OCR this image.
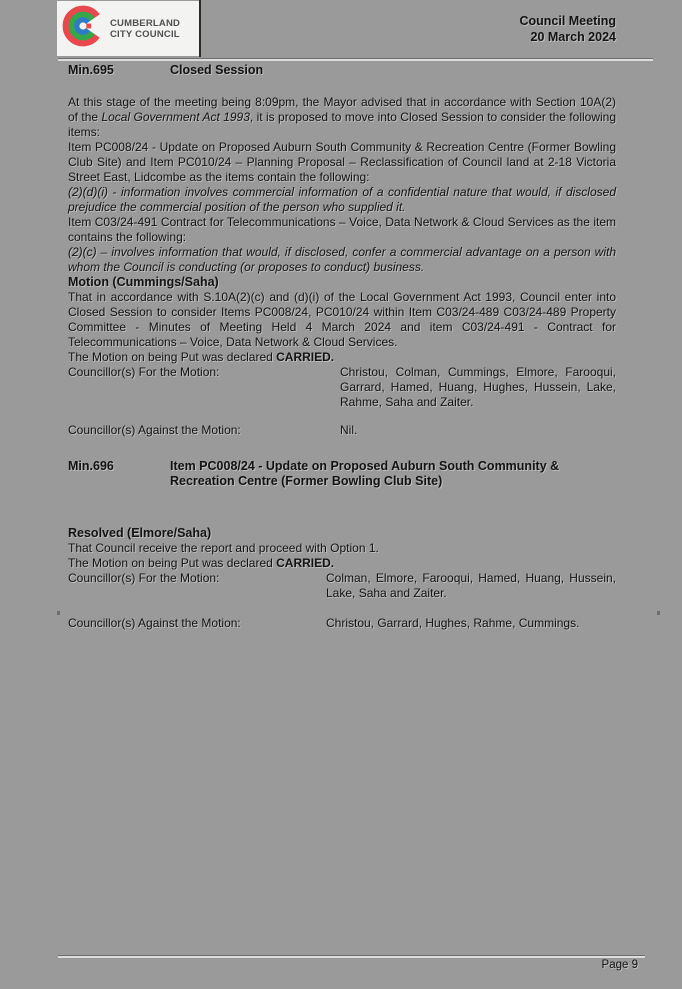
CUMBERLAND
CITY COUNCIL
Council Meeting
20 March 2024
Min.695	Closed Session

At this stage of the meeting being 8:09pm, the Mayor advised that in accordance with Section 10A(2) of the Local Government Act 1993, it is proposed to move into Closed Session to consider the following items:

Item PC008/24 - Update on Proposed Auburn South Community & Recreation Centre (Former Bowling Club Site) and Item PC010/24 – Planning Proposal – Reclassification of Council land at 2-18 Victoria Street East, Lidcombe as the items contain the following:

(2)(d)(i) - information involves commercial information of a confidential nature that would, if disclosed prejudice the commercial position of the person who supplied it.

Item C03/24-491 Contract for Telecommunications – Voice, Data Network & Cloud Services as the item contains the following:

(2)(c) – involves information that would, if disclosed, confer a commercial advantage on a person with whom the Council is conducting (or proposes to conduct) business.

Motion (Cummings/Saha)

That in accordance with S.10A(2)(c) and (d)(i) of the Local Government Act 1993, Council enter into Closed Session to consider Items PC008/24, PC010/24 within Item C03/24-489 C03/24-489 Property Committee - Minutes of Meeting Held 4 March 2024 and item C03/24-491 - Contract for Telecommunications – Voice, Data Network & Cloud Services.

The Motion on being Put was declared CARRIED.

Councillor(s) For the Motion:	Christou, Colman, Cummings, Elmore, Farooqui, Garrard, Hamed, Huang, Hughes, Hussein, Lake, Rahme, Saha and Zaiter.
Councillor(s) Against the Motion:	Nil.
Min.696	Item PC008/24 - Update on Proposed Auburn South Community & Recreation Centre (Former Bowling Club Site)

Resolved (Elmore/Saha)

That Council receive the report and proceed with Option 1.

The Motion on being Put was declared CARRIED.

Councillor(s) For the Motion:	Colman, Elmore, Farooqui, Hamed, Huang, Hussein, Lake, Saha and Zaiter.
Councillor(s) Against the Motion:	Christou, Garrard, Hughes, Rahme, Cummings.
Page 9
